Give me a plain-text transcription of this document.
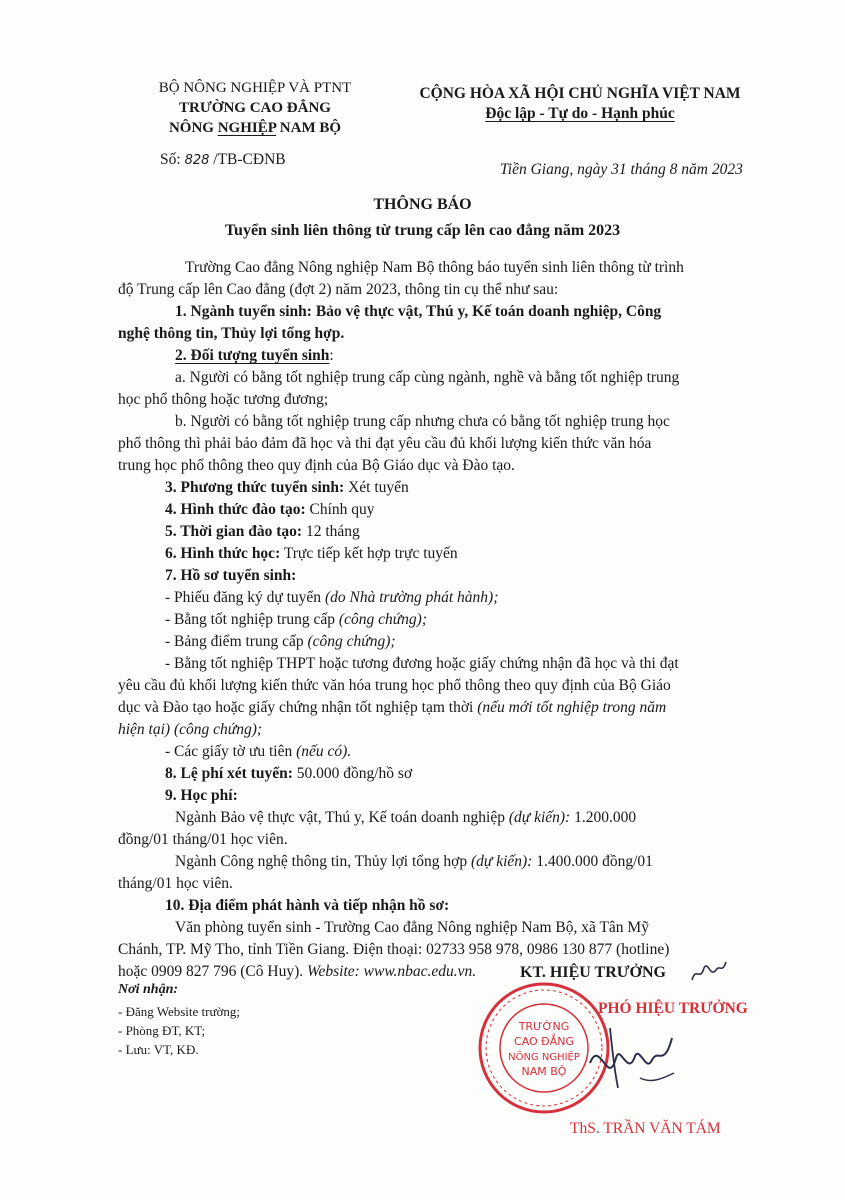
BỘ NÔNG NGHIỆP VÀ PTNT
TRƯỜNG CAO ĐẲNG
NÔNG NGHIỆP NAM BỘ
Số: 828 /TB-CĐNB
CỘNG HÒA XÃ HỘI CHỦ NGHĨA VIỆT NAM
Độc lập - Tự do - Hạnh phúc
Tiền Giang, ngày 31 tháng 8 năm 2023
THÔNG BÁO
Tuyển sinh liên thông từ trung cấp lên cao đẳng năm 2023
Trường Cao đẳng Nông nghiệp Nam Bộ thông báo tuyển sinh liên thông từ trình
độ Trung cấp lên Cao đẳng (đợt 2) năm 2023, thông tin cụ thể như sau:
1. Ngành tuyển sinh: Bảo vệ thực vật, Thú y, Kế toán doanh nghiệp, Công
nghệ thông tin, Thủy lợi tổng hợp.
2. Đối tượng tuyển sinh:
a. Người có bằng tốt nghiệp trung cấp cùng ngành, nghề và bằng tốt nghiệp trung
học phổ thông hoặc tương đương;
b. Người có bằng tốt nghiệp trung cấp nhưng chưa có bằng tốt nghiệp trung học
phổ thông thì phải bảo đảm đã học và thi đạt yêu cầu đủ khối lượng kiến thức văn hóa
trung học phổ thông theo quy định của Bộ Giáo dục và Đào tạo.
3. Phương thức tuyển sinh: Xét tuyển
4. Hình thức đào tạo: Chính quy
5. Thời gian đào tạo: 12 tháng
6. Hình thức học: Trực tiếp kết hợp trực tuyến
7. Hồ sơ tuyển sinh:
- Phiếu đăng ký dự tuyển (do Nhà trường phát hành);
- Bằng tốt nghiệp trung cấp (công chứng);
- Bảng điểm trung cấp (công chứng);
- Bằng tốt nghiệp THPT hoặc tương đương hoặc giấy chứng nhận đã học và thi đạt
yêu cầu đủ khối lượng kiến thức văn hóa trung học phổ thông theo quy định của Bộ Giáo
dục và Đào tạo hoặc giấy chứng nhận tốt nghiệp tạm thời (nếu mới tốt nghiệp trong năm
hiện tại) (công chứng);
- Các giấy tờ ưu tiên (nếu có).
8. Lệ phí xét tuyển: 50.000 đồng/hồ sơ
9. Học phí:
Ngành Bảo vệ thực vật, Thú y, Kế toán doanh nghiệp (dự kiến): 1.200.000
đồng/01 tháng/01 học viên.
Ngành Công nghệ thông tin, Thủy lợi tổng hợp (dự kiến): 1.400.000 đồng/01
tháng/01 học viên.
10. Địa điểm phát hành và tiếp nhận hồ sơ:
Văn phòng tuyển sinh - Trường Cao đẳng Nông nghiệp Nam Bộ, xã Tân Mỹ
Chánh, TP. Mỹ Tho, tỉnh Tiền Giang. Điện thoại: 02733 958 978, 0986 130 877 (hotline)
hoặc 0909 827 796 (Cô Huy). Website: www.nbac.edu.vn.
Nơi nhận:
- Đăng Website trường;
- Phòng ĐT, KT;
- Lưu: VT, KĐ.
KT. HIỆU TRƯỞNG
PHÓ HIỆU TRƯỞNG
TRƯỜNG
CAO ĐẲNG
NÔNG NGHIỆP
NAM BỘ
ThS. TRẦN VĂN TÁM
